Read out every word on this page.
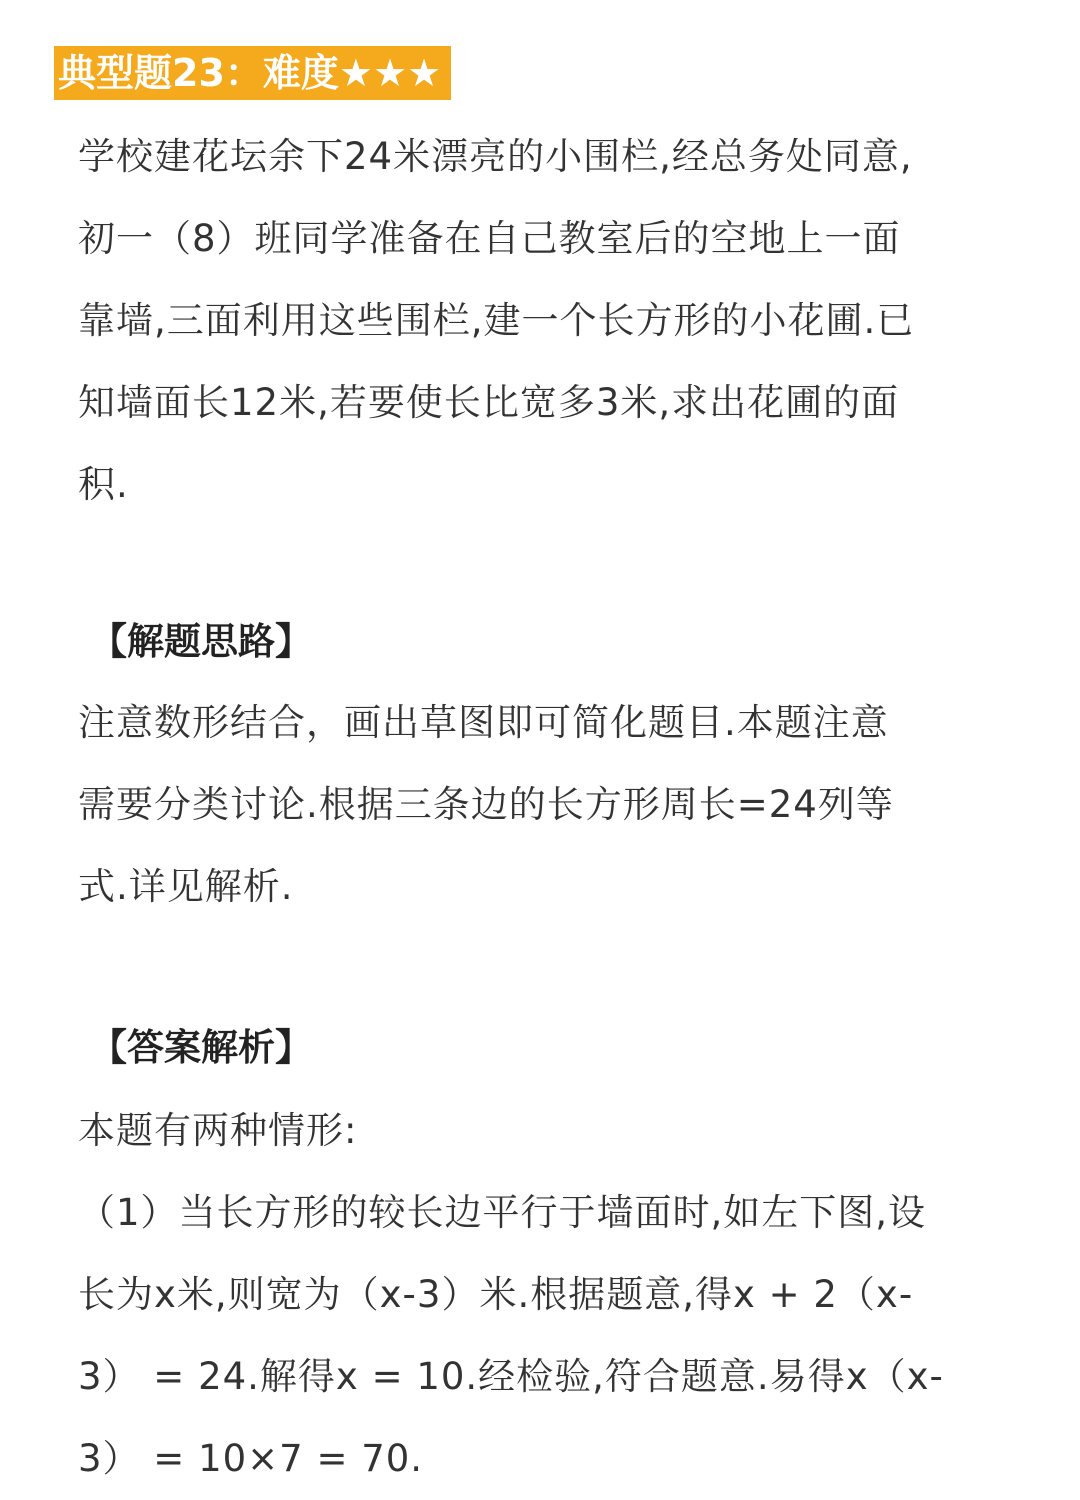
典型题23：难度★★★
学校建花坛余下24米漂亮的小围栏,经总务处同意,
初一（8）班同学准备在自己教室后的空地上一面
靠墙,三面利用这些围栏,建一个长方形的小花圃.已
知墙面长12米,若要使长比宽多3米,求出花圃的面
积.
【解题思路】
注意数形结合，画出草图即可简化题目.本题注意
需要分类讨论.根据三条边的长方形周长=24列等
式.详见解析.
【答案解析】
本题有两种情形:
（1）当长方形的较长边平行于墙面时,如左下图,设
长为x米,则宽为（x-3）米.根据题意,得x + 2（x-
3） = 24.解得x = 10.经检验,符合题意.易得x（x-
3） = 10×7 = 70.
